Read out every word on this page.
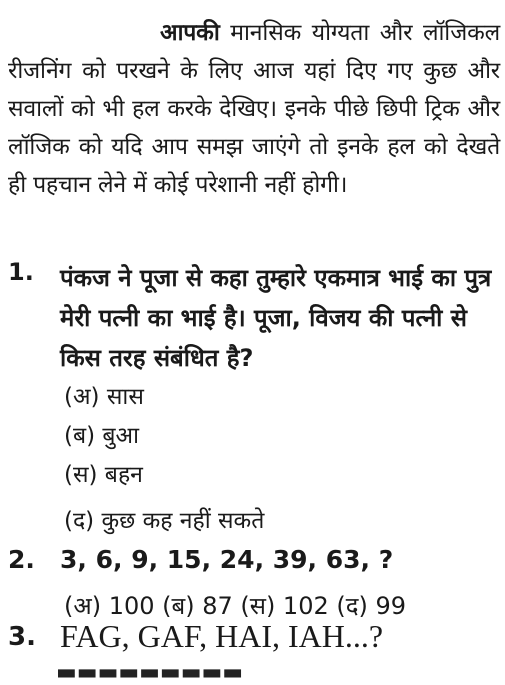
आपकी मानसिक योग्यता और लॉजिकल रीजनिंग को परखने के लिए आज यहां दिए गए कुछ और सवालों को भी हल करके देखिए। इनके पीछे छिपी ट्रिक और लॉजिक को यदि आप समझ जाएंगे तो इनके हल को देखते ही पहचान लेने में कोई परेशानी नहीं होगी।
1. पंकज ने पूजा से कहा तुम्हारे एकमात्र भाई का पुत्र मेरी पत्नी का भाई है। पूजा, विजय की पत्नी से किस तरह संबंधित है?
(अ) सास
(ब) बुआ
(स) बहन
(द) कुछ कह नहीं सकते
2. 3, 6, 9, 15, 24, 39, 63, ?
(अ) 100 (ब) 87 (स) 102 (द) 99
3. FAG, GAF, HAI, IAH...?
▬▬▬▬▬▬▬▬▬
